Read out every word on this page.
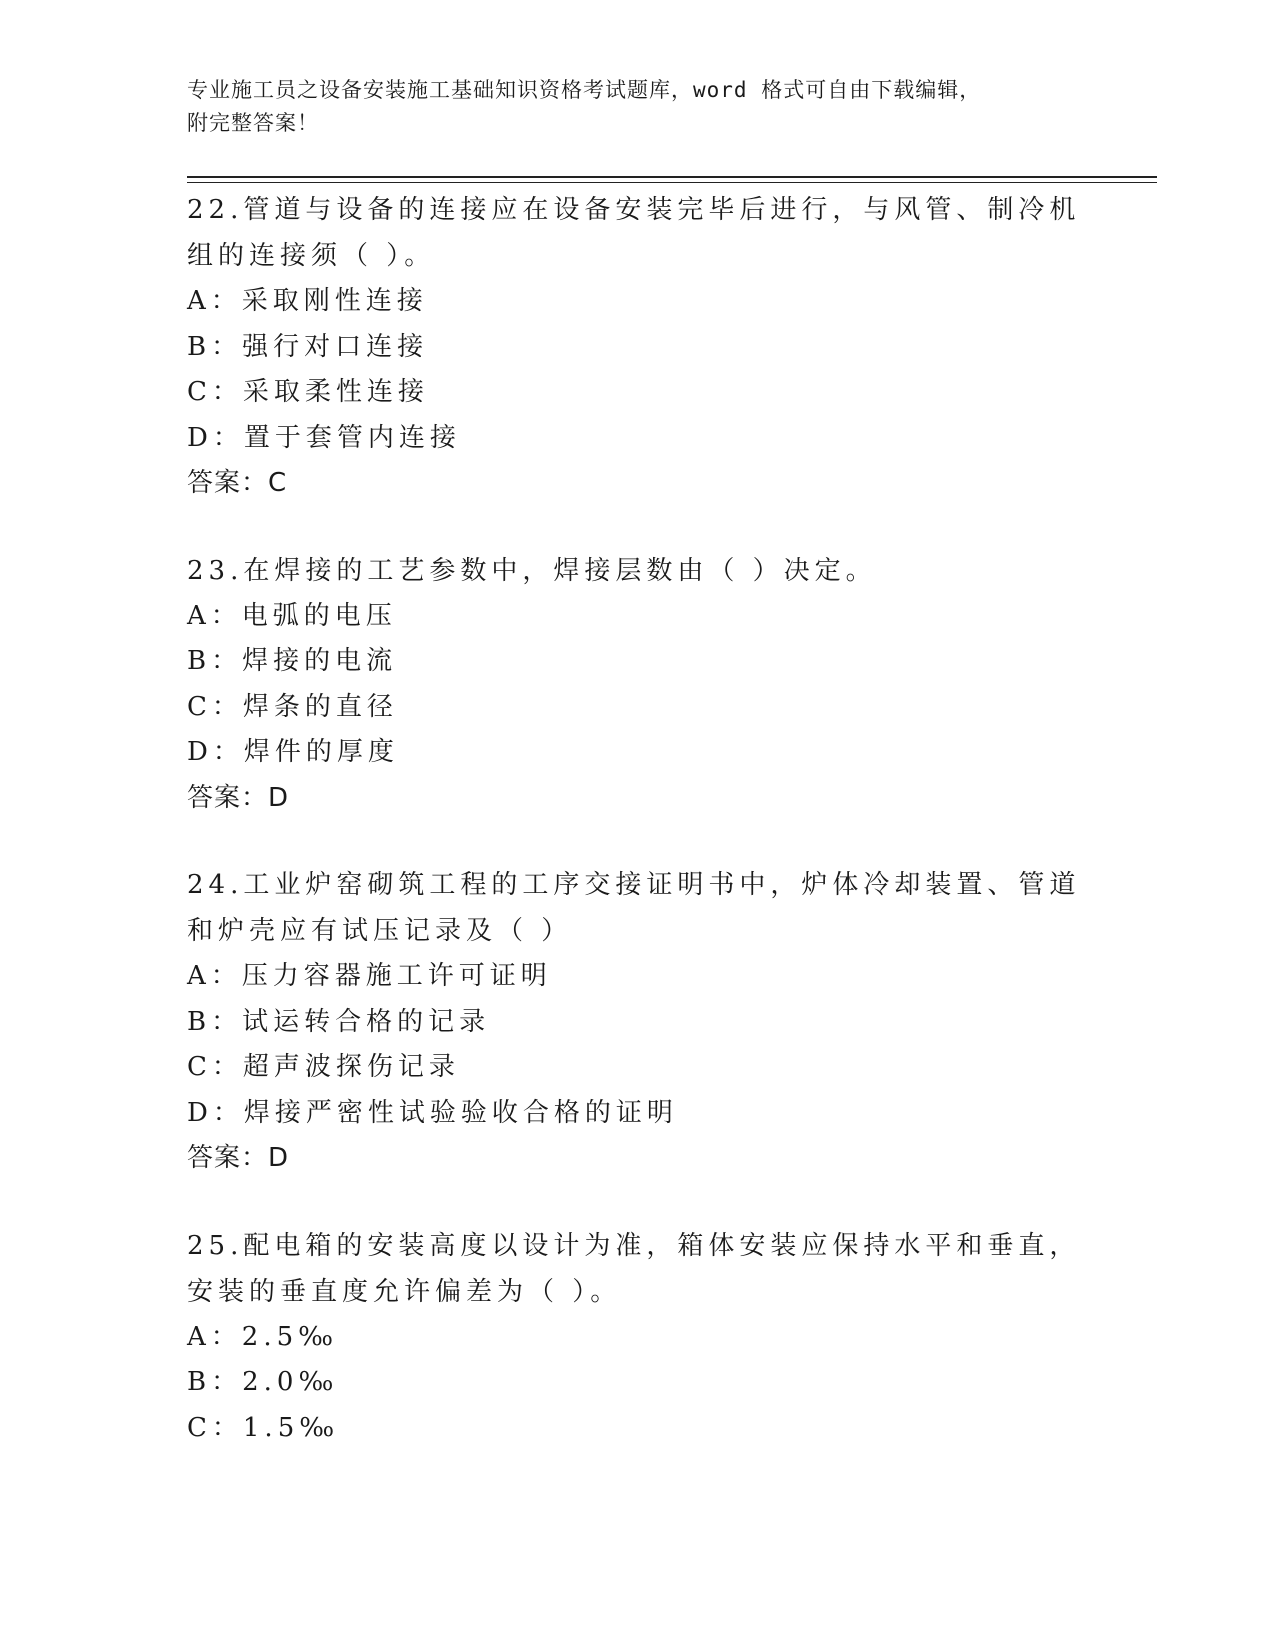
专业施工员之设备安装施工基础知识资格考试题库，word 格式可自由下载编辑，
附完整答案！

22.管道与设备的连接应在设备安装完毕后进行，与风管、制冷机组的连接须（ ）。

A：采取刚性连接

B：强行对口连接

C：采取柔性连接

D：置于套管内连接

答案：C

23.在焊接的工艺参数中，焊接层数由（ ）决定。

A：电弧的电压

B：焊接的电流

C：焊条的直径

D：焊件的厚度

答案：D

24.工业炉窑砌筑工程的工序交接证明书中，炉体冷却装置、管道和炉壳应有试压记录及（ ）

A：压力容器施工许可证明

B：试运转合格的记录

C：超声波探伤记录

D：焊接严密性试验验收合格的证明

答案：D

25.配电箱的安装高度以设计为准，箱体安装应保持水平和垂直，安装的垂直度允许偏差为（ ）。

A：2.5‰

B：2.0‰

C：1.5‰
